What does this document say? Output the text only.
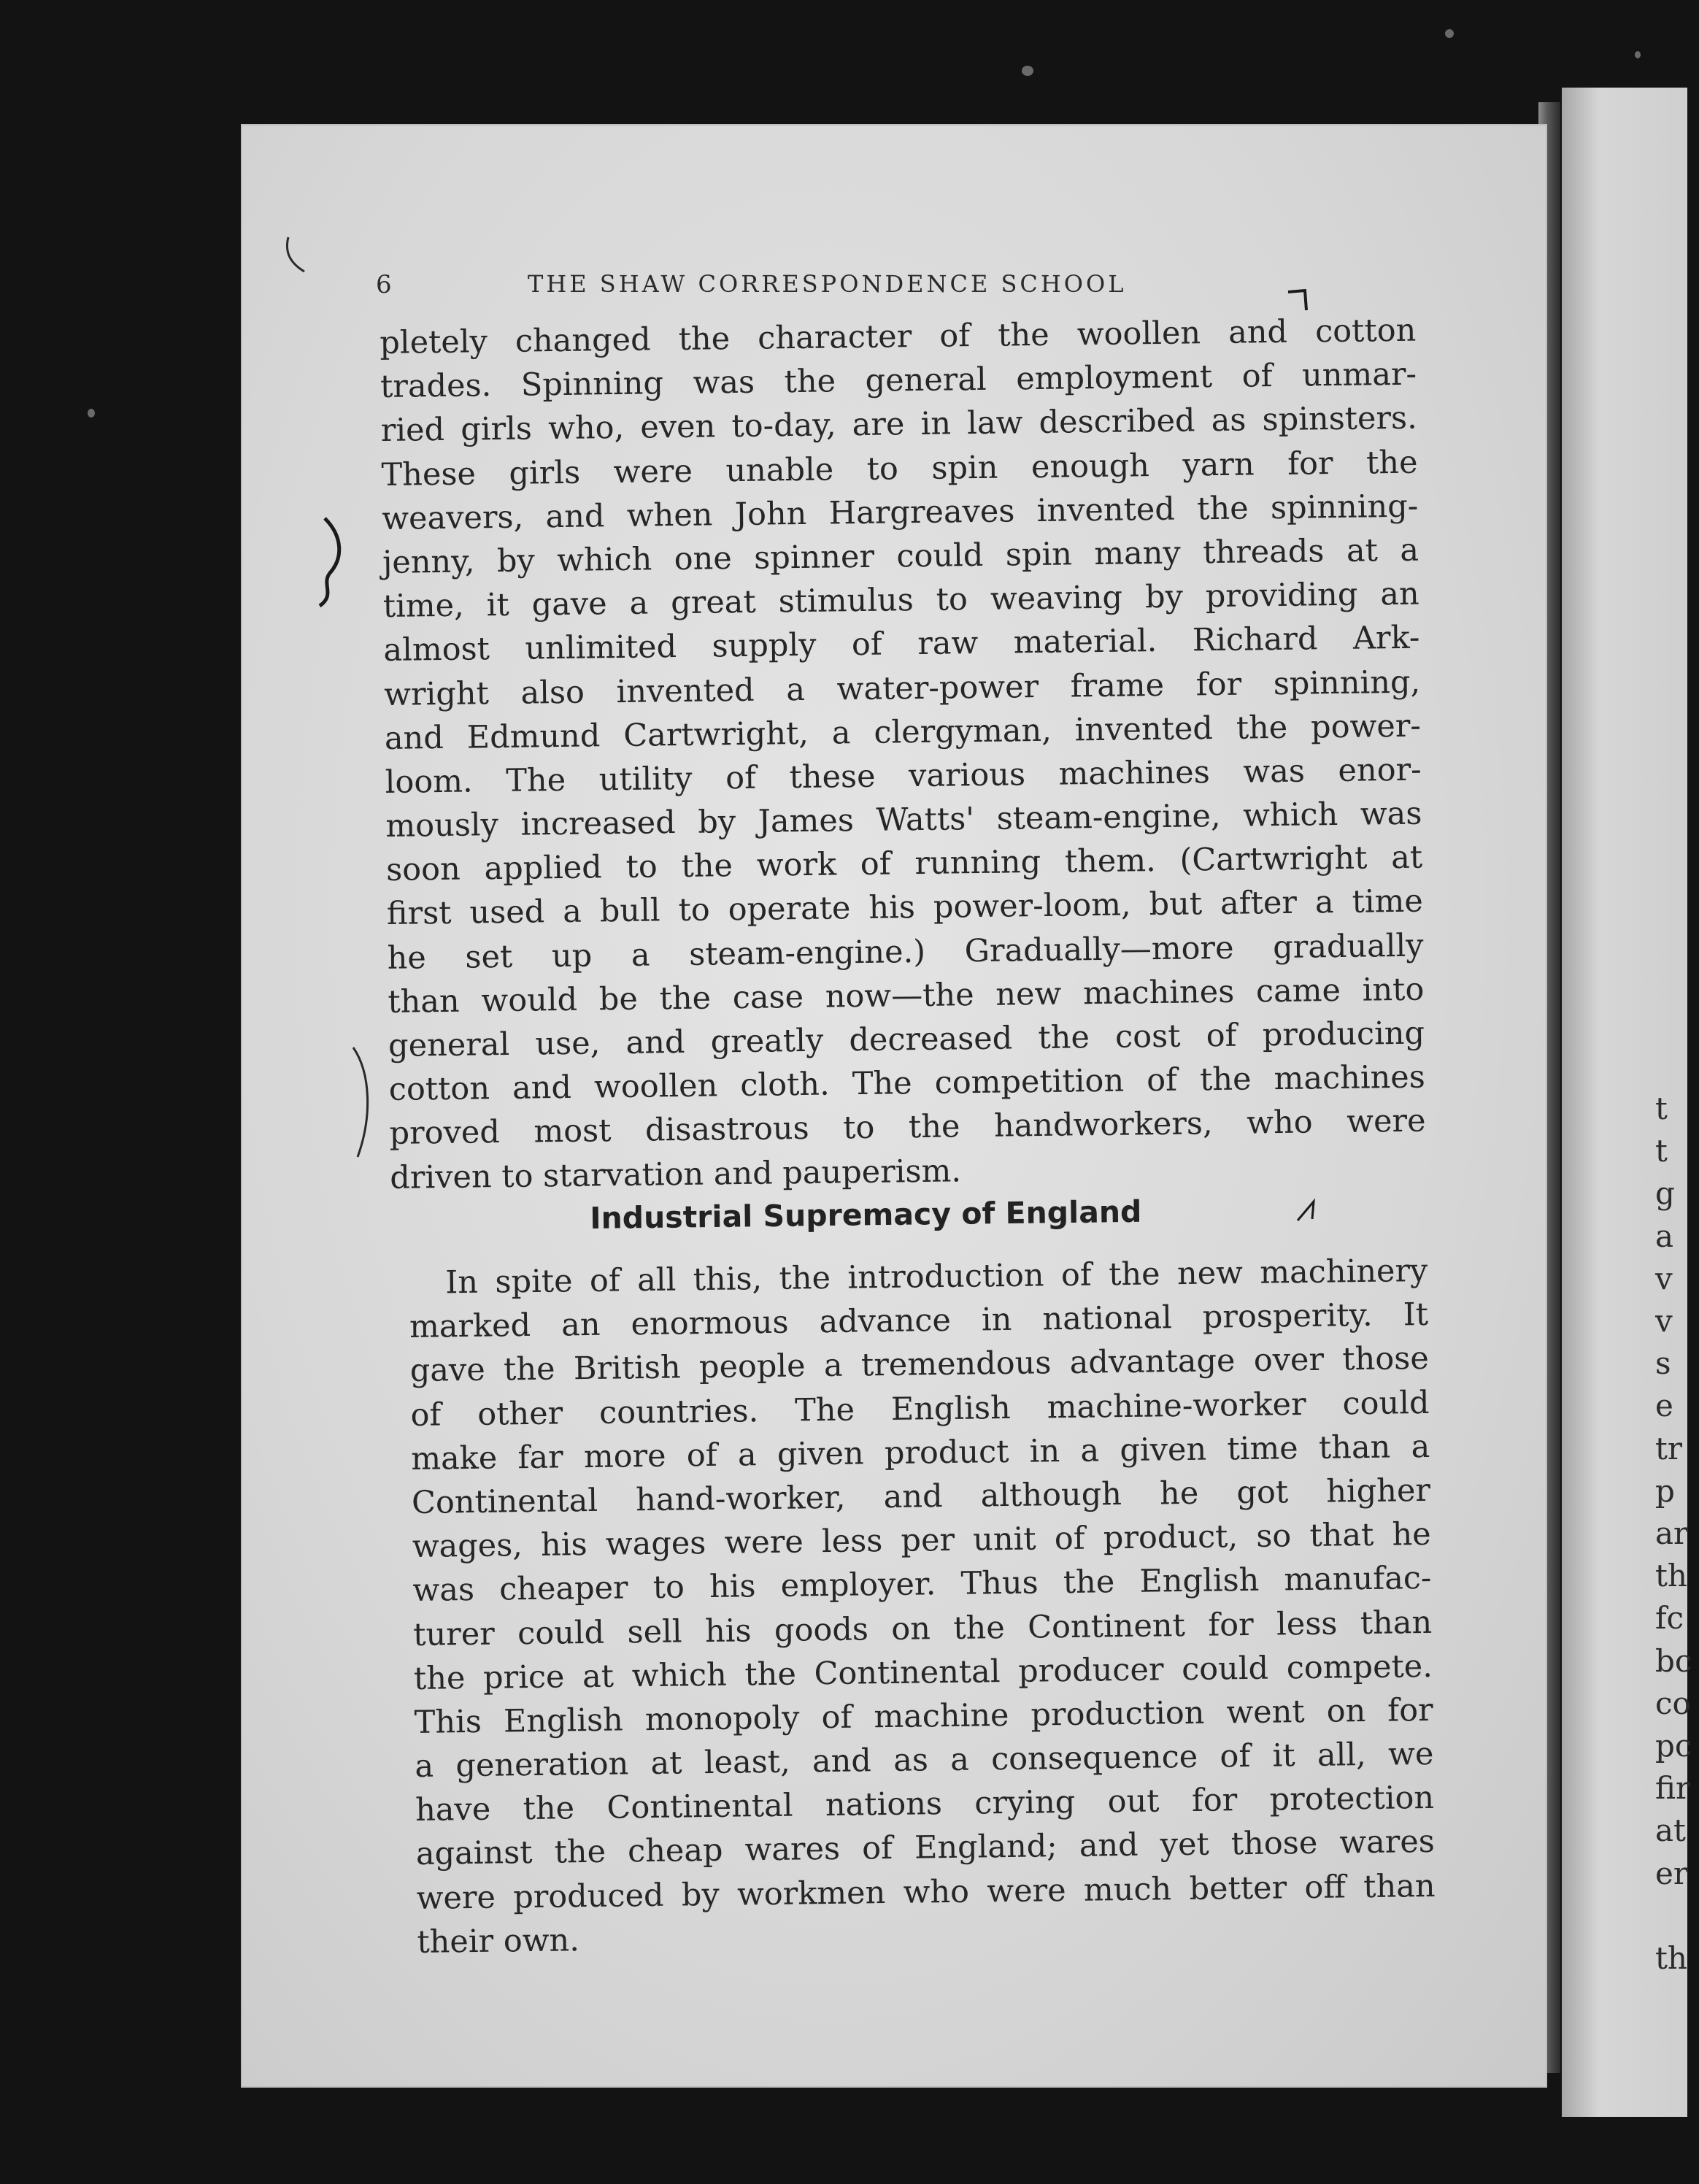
t
t
g
a
v
v
s
e
tr
p
ar
th
fc
bc
co
pc
fir
at
er

th
6	THE SHAW CORRESPONDENCE SCHOOL
pletely changed the character of the woollen and cotton
trades. Spinning was the general employment of unmar-
ried girls who, even to-day, are in law described as spinsters.
These girls were unable to spin enough yarn for the
weavers, and when John Hargreaves invented the spinning-
jenny, by which one spinner could spin many threads at a
time, it gave a great stimulus to weaving by providing an
almost unlimited supply of raw material. Richard Ark-
wright also invented a water-power frame for spinning,
and Edmund Cartwright, a clergyman, invented the power-
loom. The utility of these various machines was enor-
mously increased by James Watts' steam-engine, which was
soon applied to the work of running them. (Cartwright at
first used a bull to operate his power-loom, but after a time
he set up a steam-engine.) Gradually—more gradually
than would be the case now—the new machines came into
general use, and greatly decreased the cost of producing
cotton and woollen cloth. The competition of the machines
proved most disastrous to the handworkers, who were
driven to starvation and pauperism.
Industrial Supremacy of England
In spite of all this, the introduction of the new machinery
marked an enormous advance in national prosperity. It
gave the British people a tremendous advantage over those
of other countries. The English machine-worker could
make far more of a given product in a given time than a
Continental hand-worker, and although he got higher
wages, his wages were less per unit of product, so that he
was cheaper to his employer. Thus the English manufac-
turer could sell his goods on the Continent for less than
the price at which the Continental producer could compete.
This English monopoly of machine production went on for
a generation at least, and as a consequence of it all, we
have the Continental nations crying out for protection
against the cheap wares of England; and yet those wares
were produced by workmen who were much better off than
their own.
